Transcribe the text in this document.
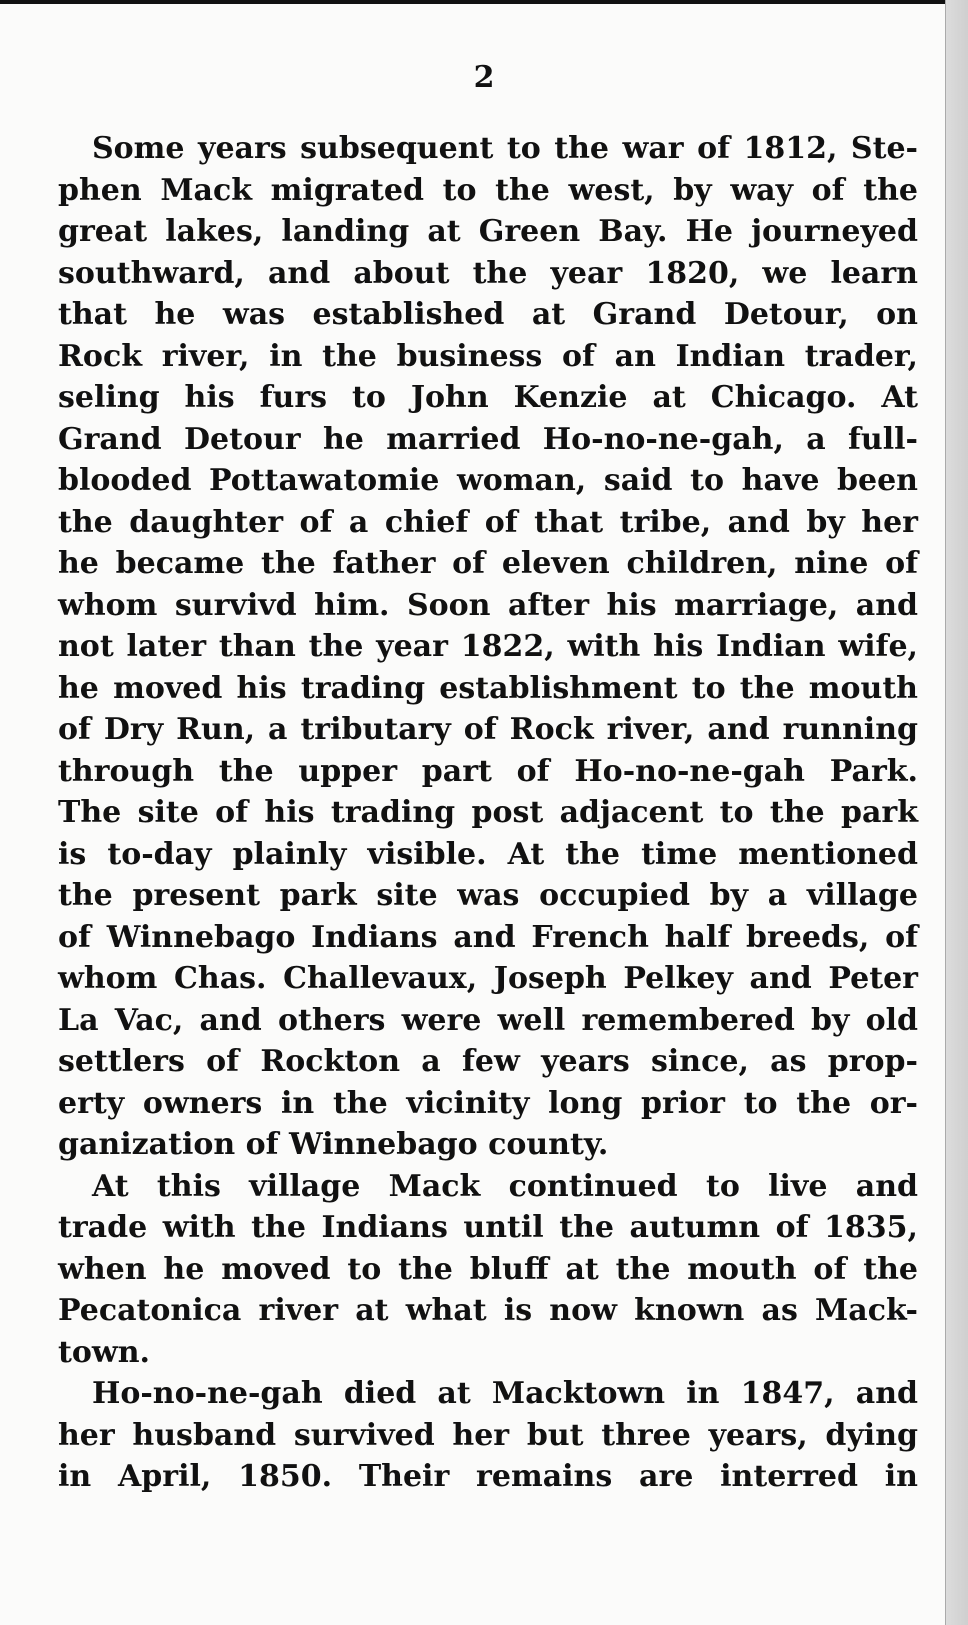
2
Some years subsequent to the war of 1812, Ste-
phen Mack migrated to the west, by way of the
great lakes, landing at Green Bay. He journeyed
southward, and about the year 1820, we learn
that he was established at Grand Detour, on
Rock river, in the business of an Indian trader,
seling his furs to John Kenzie at Chicago. At
Grand Detour he married Ho-no-ne-gah, a full-
blooded Pottawatomie woman, said to have been
the daughter of a chief of that tribe, and by her
he became the father of eleven children, nine of
whom survivd him. Soon after his marriage, and
not later than the year 1822, with his Indian wife,
he moved his trading establishment to the mouth
of Dry Run, a tributary of Rock river, and running
through the upper part of Ho-no-ne-gah Park.
The site of his trading post adjacent to the park
is to-day plainly visible. At the time mentioned
the present park site was occupied by a village
of Winnebago Indians and French half breeds, of
whom Chas. Challevaux, Joseph Pelkey and Peter
La Vac, and others were well remembered by old
settlers of Rockton a few years since, as prop-
erty owners in the vicinity long prior to the or-
ganization of Winnebago county.
At this village Mack continued to live and
trade with the Indians until the autumn of 1835,
when he moved to the bluff at the mouth of the
Pecatonica river at what is now known as Mack-
town.
Ho-no-ne-gah died at Macktown in 1847, and
her husband survived her but three years, dying
in April, 1850. Their remains are interred in
